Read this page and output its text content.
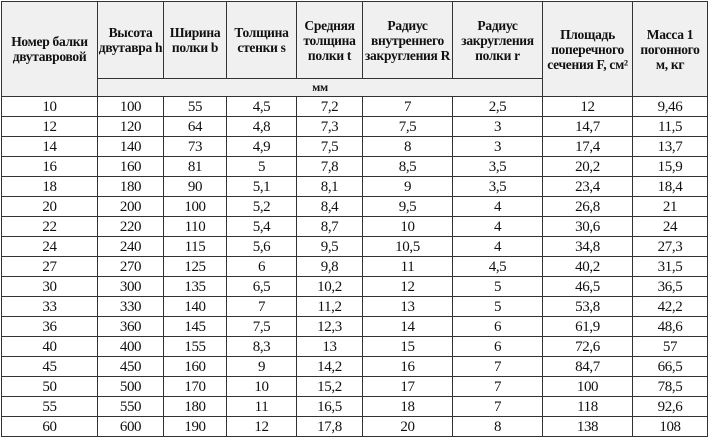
Номер балки двутавровой	Высота двутавра h	Ширина полки b	Толщина стенки s	Средняя толщина полки t	Радиус внутреннего закругления R	Радиус закругления полки r	Площадь поперечного сечения F, см²	Масса 1 погонного м, кг
	мм							
10	100	55	4,5	7,2	7	2,5	12	9,46
12	120	64	4,8	7,3	7,5	3	14,7	11,5
14	140	73	4,9	7,5	8	3	17,4	13,7
16	160	81	5	7,8	8,5	3,5	20,2	15,9
18	180	90	5,1	8,1	9	3,5	23,4	18,4
20	200	100	5,2	8,4	9,5	4	26,8	21
22	220	110	5,4	8,7	10	4	30,6	24
24	240	115	5,6	9,5	10,5	4	34,8	27,3
27	270	125	6	9,8	11	4,5	40,2	31,5
30	300	135	6,5	10,2	12	5	46,5	36,5
33	330	140	7	11,2	13	5	53,8	42,2
36	360	145	7,5	12,3	14	6	61,9	48,6
40	400	155	8,3	13	15	6	72,6	57
45	450	160	9	14,2	16	7	84,7	66,5
50	500	170	10	15,2	17	7	100	78,5
55	550	180	11	16,5	18	7	118	92,6
60	600	190	12	17,8	20	8	138	108
